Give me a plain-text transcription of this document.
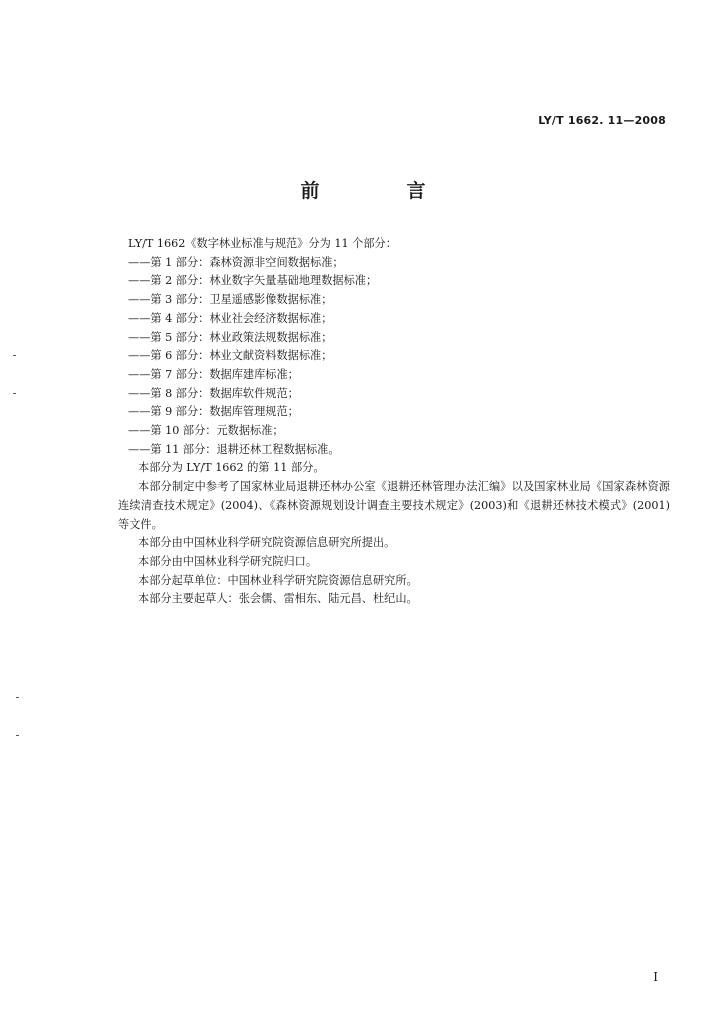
LY/T 1662. 11—2008
前　言

LY/T 1662《数字林业标准与规范》分为 11 个部分：

——第 1 部分：森林资源非空间数据标准；
——第 2 部分：林业数字矢量基础地理数据标准；
——第 3 部分：卫星遥感影像数据标准；
——第 4 部分：林业社会经济数据标准；
——第 5 部分：林业政策法规数据标准；
——第 6 部分：林业文献资料数据标准；
——第 7 部分：数据库建库标准；
——第 8 部分：数据库软件规范；
——第 9 部分：数据库管理规范；
——第 10 部分：元数据标准；
——第 11 部分：退耕还林工程数据标准。

本部分为 LY/T 1662 的第 11 部分。

本部分制定中参考了国家林业局退耕还林办公室《退耕还林管理办法汇编》以及国家林业局《国家森林资源连续清查技术规定》(2004)、《森林资源规划设计调查主要技术规定》(2003)和《退耕还林技术模式》(2001)等文件。

本部分由中国林业科学研究院资源信息研究所提出。

本部分由中国林业科学研究院归口。

本部分起草单位：中国林业科学研究院资源信息研究所。

本部分主要起草人：张会儒、雷相东、陆元昌、杜纪山。

I
